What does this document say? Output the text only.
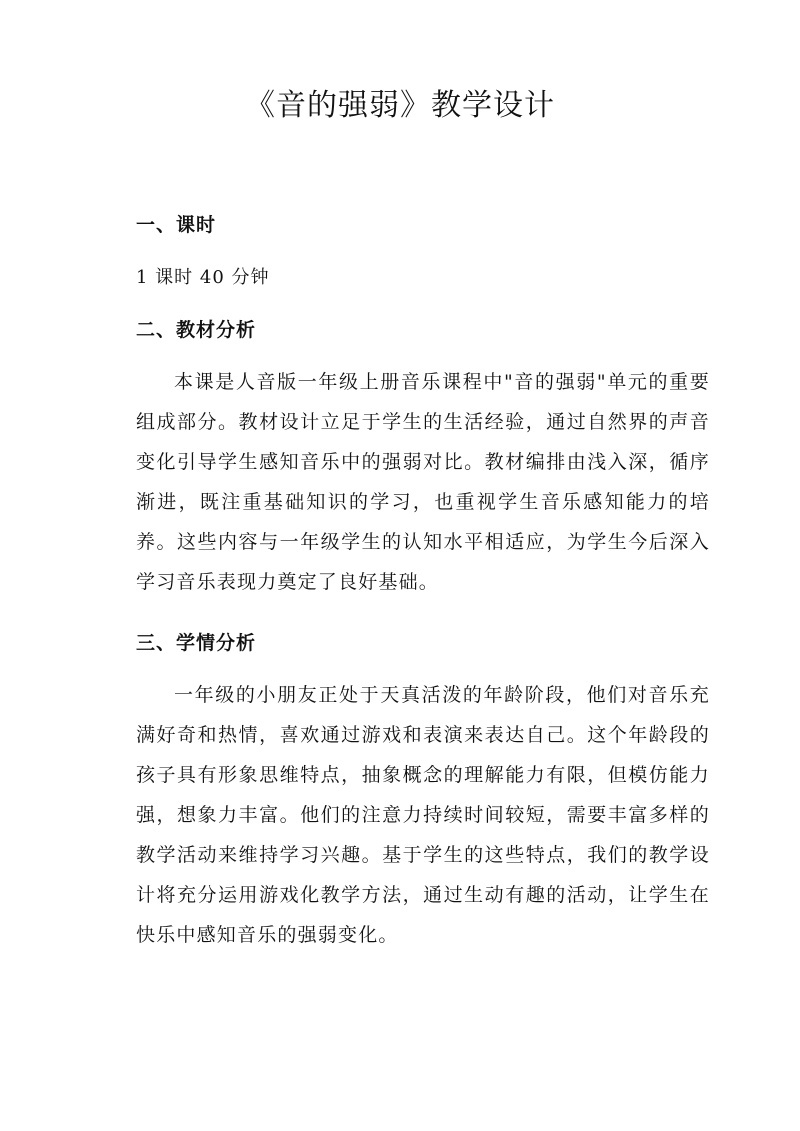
《音的强弱》教学设计

一、课时

1 课时 40 分钟

二、教材分析

本课是人音版一年级上册音乐课程中"音的强弱"单元的重要组成部分。教材设计立足于学生的生活经验，通过自然界的声音变化引导学生感知音乐中的强弱对比。教材编排由浅入深，循序渐进，既注重基础知识的学习，也重视学生音乐感知能力的培养。这些内容与一年级学生的认知水平相适应，为学生今后深入学习音乐表现力奠定了良好基础。

三、学情分析

一年级的小朋友正处于天真活泼的年龄阶段，他们对音乐充满好奇和热情，喜欢通过游戏和表演来表达自己。这个年龄段的孩子具有形象思维特点，抽象概念的理解能力有限，但模仿能力强，想象力丰富。他们的注意力持续时间较短，需要丰富多样的教学活动来维持学习兴趣。基于学生的这些特点，我们的教学设计将充分运用游戏化教学方法，通过生动有趣的活动，让学生在快乐中感知音乐的强弱变化。
